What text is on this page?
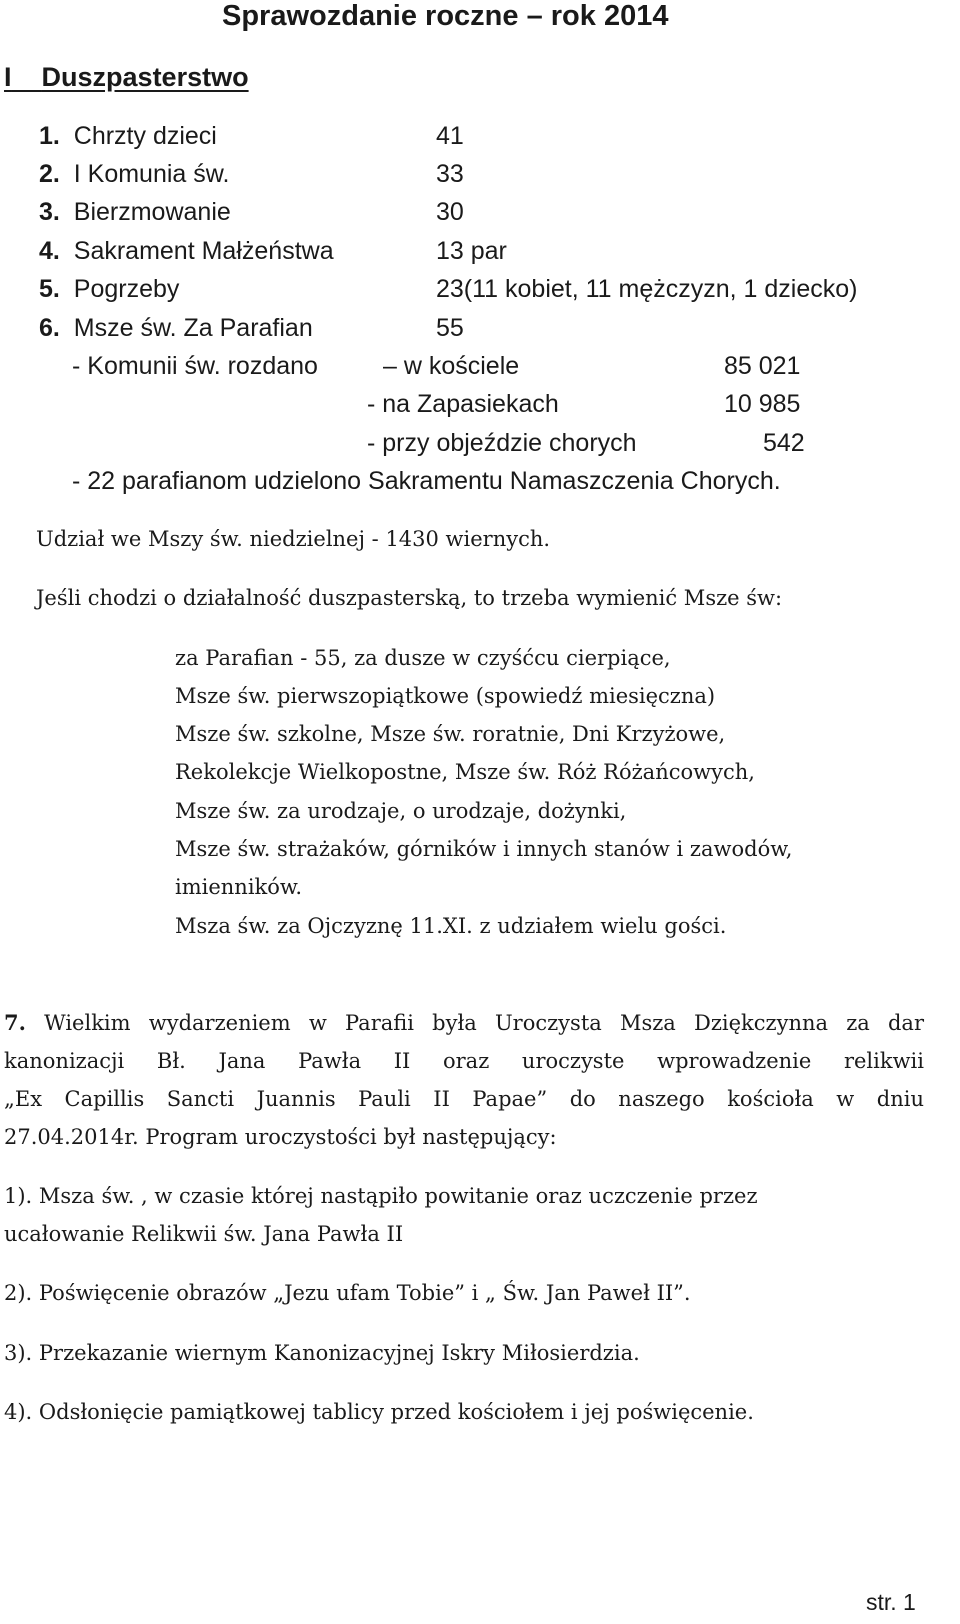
Sprawozdanie roczne – rok 2014
I Duszpasterstwo
1. Chrzty dzieci	41
2. I Komunia św.	33
3. Bierzmowanie	30
4. Sakrament Małżeństwa	13 par
5. Pogrzeby	23(11 kobiet, 11 mężczyzn, 1 dziecko)
6. Msze św. Za Parafian	55
- Komunii św. rozdano	– w kościele	85 021
- na Zapasiekach	10 985
- przy objeździe chorych	542
- 22 parafianom udzielono Sakramentu Namaszczenia Chorych.
Udział we Mszy św. niedzielnej - 1430 wiernych.
Jeśli chodzi o działalność duszpasterską, to trzeba wymienić Msze św:
za Parafian - 55, za dusze w czyśćcu cierpiące,
Msze św. pierwszopiątkowe (spowiedź miesięczna)
Msze św. szkolne, Msze św. roratnie, Dni Krzyżowe,
Rekolekcje Wielkopostne, Msze św. Róż Różańcowych,
Msze św. za urodzaje, o urodzaje, dożynki,
Msze św. strażaków, górników i innych stanów i zawodów,
imienników.
Msza św. za Ojczyznę 11.XI. z udziałem wielu gości.
7. Wielkim wydarzeniem w Parafii była Uroczysta Msza Dziękczynna za dar
kanonizacji Bł. Jana Pawła II oraz uroczyste wprowadzenie relikwii
„Ex Capillis Sancti Juannis Pauli II Papae” do naszego kościoła w dniu
27.04.2014r. Program uroczystości był następujący:
1). Msza św. , w czasie której nastąpiło powitanie oraz uczczenie przez
ucałowanie Relikwii św. Jana Pawła II
2). Poświęcenie obrazów „Jezu ufam Tobie” i „ Św. Jan Paweł II”.
3). Przekazanie wiernym Kanonizacyjnej Iskry Miłosierdzia.
4). Odsłonięcie pamiątkowej tablicy przed kościołem i jej poświęcenie.
str. 1
